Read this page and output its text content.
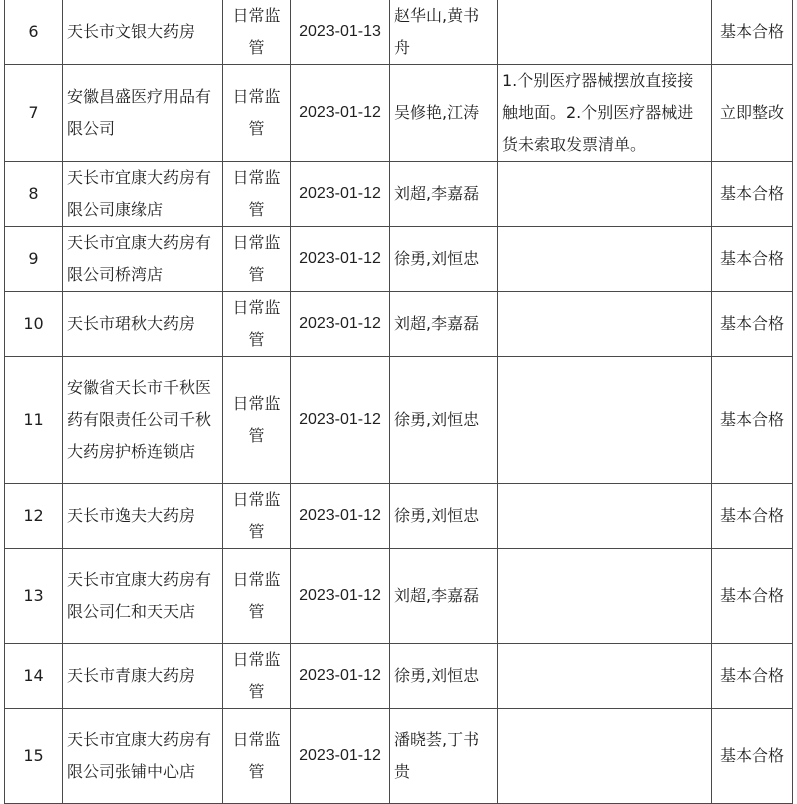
6	天长市文银大药房	日常监管	2023-01-13	赵华山,黄书舟		基本合格
7	安徽昌盛医疗用品有限公司	日常监管	2023-01-12	吴修艳,江涛	1.个别医疗器械摆放直接接触地面。2.个别医疗器械进货未索取发票清单。	立即整改
8	天长市宜康大药房有限公司康缘店	日常监管	2023-01-12	刘超,李嘉磊		基本合格
9	天长市宜康大药房有限公司桥湾店	日常监管	2023-01-12	徐勇,刘恒忠		基本合格
10	天长市珺秋大药房	日常监管	2023-01-12	刘超,李嘉磊		基本合格
11	安徽省天长市千秋医药有限责任公司千秋大药房护桥连锁店	日常监管	2023-01-12	徐勇,刘恒忠		基本合格
12	天长市逸夫大药房	日常监管	2023-01-12	徐勇,刘恒忠		基本合格
13	天长市宜康大药房有限公司仁和天天店	日常监管	2023-01-12	刘超,李嘉磊		基本合格
14	天长市青康大药房	日常监管	2023-01-12	徐勇,刘恒忠		基本合格
15	天长市宜康大药房有限公司张铺中心店	日常监管	2023-01-12	潘晓荟,丁书贵		基本合格
